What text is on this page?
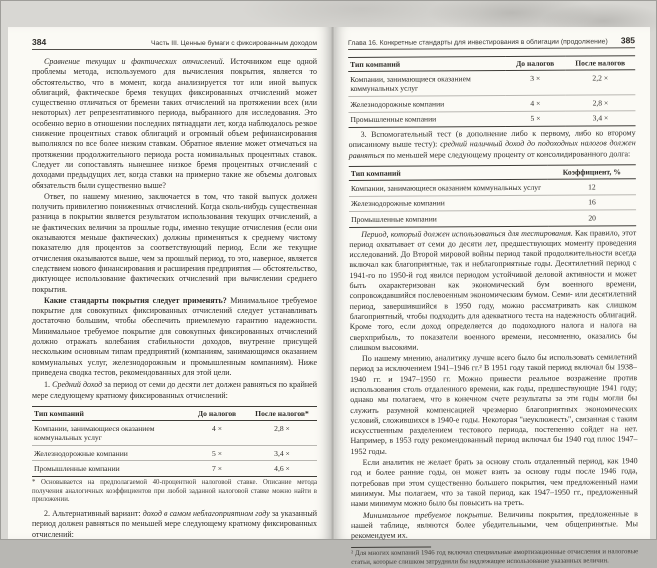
384	Часть III. Ценные бумаги с фиксированным доходом

Сравнение текущих и фактических отчислений. Источником еще одной проблемы метода, используемого для вычисления покрытия, является то обстоятельство, что в момент, когда анализируется тот или иной выпуск облигаций, фактическое бремя текущих фиксированных отчислений может существенно отличаться от бремени таких отчислений на протяжении всех (или некоторых) лет репрезентативного периода, выбранного для исследования. Это особенно верно в отношении последних пятнадцати лет, когда наблюдалось резкое снижение процентных ставок облигаций и огромный объем рефинансирования выполнялся по все более низким ставкам. Обратное явление может отмечаться на протяжении продолжительного периода роста номинальных процентных ставок. Следует ли сопоставлять нынешнее низкое бремя процентных отчислений с доходами предыдущих лет, когда ставки на примерно такие же объемы долговых обязательств были существенно выше?

Ответ, по нашему мнению, заключается в том, что такой выпуск должен получить привилегию пониженных отчислений. Когда сколь-нибудь существенная разница в покрытии является результатом использования текущих отчислений, а не фактических величин за прошлые годы, именно текущие отчисления (если они оказываются меньше фактических) должны применяться к среднему чистому показателю для процентов за соответствующий период. Если же текущие отчисления оказываются выше, чем за прошлый период, то это, наверное, является следствием нового финансирования и расширения предприятия — обстоятельство, диктующее использование фактических отчислений при вычислении среднего покрытия.

Какие стандарты покрытия следует применять? Минимальное требуемое покрытие для совокупных фиксированных отчислений следует устанавливать достаточно большим, чтобы обеспечить приемлемую гарантию надежности. Минимальное требуемое покрытие для совокупных фиксированных отчислений должно отражать колебания стабильности доходов, внутренне присущей нескольким основным типам предприятий (компаниям, занимающимся оказанием коммунальных услуг, железнодорожным и промышленным компаниям). Ниже приведена сводка тестов, рекомендованных для этой цели.

1. Средний доход за период от семи до десяти лет должен равняться по крайней мере следующему кратному фиксированных отчислений:

Тип компаний	До налогов	После налогов*
Компании, занимающиеся оказанием коммунальных услуг	4 ×	2,8 ×
Железнодорожные компании	5 ×	3,4 ×
Промышленные компании	7 ×	4,6 ×

* Основывается на предполагаемой 40-процентной налоговой ставке. Описание метода получения аналогичных коэффициентов при любой заданной налоговой ставке можно найти в приложении.

2. Альтернативный вариант: доход в самом неблагоприятном году за указанный период должен равняться по меньшей мере следующему кратному фиксированных отчислений:

Глава 16. Конкретные стандарты для инвестирования в облигации (продолжение) 385
Тип компаний	До налогов	После налогов
Компании, занимающиеся оказанием коммунальных услуг	3 ×	2,2 ×
Железнодорожные компании	4 ×	2,8 ×
Промышленные компании	5 ×	3,4 ×

3. Вспомогательный тест (в дополнение либо к первому, либо ко второму описанному выше тесту): средний наличный доход до подоходных налогов должен равняться по меньшей мере следующему проценту от консолидированного долга:

Тип компаний	Коэффициент, %
Компании, занимающиеся оказанием коммунальных услуг	12
Железнодорожные компании	16
Промышленные компании	20

Период, который должен использоваться для тестирования. Как правило, этот период охватывает от семи до десяти лет, предшествующих моменту проведения исследований. До Второй мировой войны период такой продолжительности всегда включал как благоприятные, так и неблагоприятные годы. Десятилетний период с 1941-го по 1950-й год явился периодом устойчивой деловой активности и может быть охарактеризован как экономический бум военного времени, сопровождавшийся послевоенным экономическим бумом. Семи- или десятилетний период, завершившийся в 1950 году, можно рассматривать как слишком благоприятный, чтобы подходить для адекватного теста на надежность облигаций. Кроме того, если доход определяется до подоходного налога и налога на сверхприбыль, то показатели военного времени, несомненно, оказались бы слишком высокими.

По нашему мнению, аналитику лучше всего было бы использовать семилетний период за исключением 1941–1946 гг.² В 1951 году такой период включал бы 1938–1940 гг. и 1947–1950 гг. Можно привести реальное возражение против использования столь отдаленного времени, как годы, предшествующие 1941 году; однако мы полагаем, что в конечном счете результаты за эти годы могли бы служить разумной компенсацией чрезмерно благоприятных экономических условий, сложившихся в 1940-е годы. Некоторая "неуклюжесть", связанная с таким искусственным разделением тестового периода, постепенно сойдет на нет. Например, в 1953 году рекомендованный период включал бы 1940 год плюс 1947–1952 годы.

Если аналитик не желает брать за основу столь отдаленный период, как 1940 год и более ранние годы, он может взять за основу годы после 1946 года, потребовав при этом существенно большего покрытия, чем предложенный нами минимум. Мы полагаем, что за такой период, как 1947–1950 гг., предложенный нами минимум можно было бы повысить на треть.

Минимальное требуемое покрытие. Величины покрытия, предложенные в нашей таблице, являются более убедительными, чем общепринятые. Мы рекомендуем их.

² Для многих компаний 1946 год включал специальные амортизационные отчисления и налоговые статьи, которые слишком затрудняли бы надлежащее использование указанных величин.
